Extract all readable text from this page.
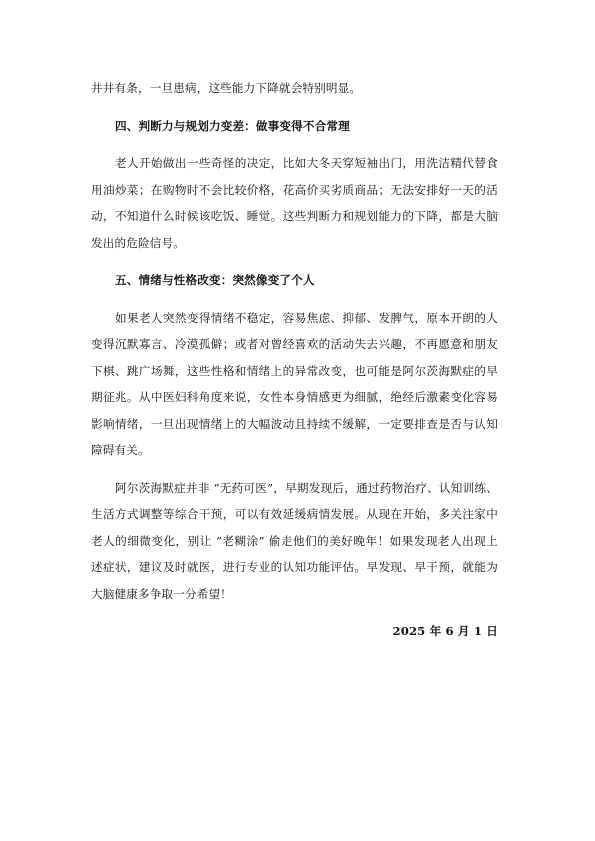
井井有条，一旦患病，这些能力下降就会特别明显。

四、判断力与规划力变差：做事变得不合常理

老人开始做出一些奇怪的决定，比如大冬天穿短袖出门，用洗洁精代替食用油炒菜；在购物时不会比较价格，花高价买劣质商品；无法安排好一天的活动，不知道什么时候该吃饭、睡觉。这些判断力和规划能力的下降，都是大脑发出的危险信号。

五、情绪与性格改变：突然像变了个人

如果老人突然变得情绪不稳定，容易焦虑、抑郁、发脾气，原本开朗的人变得沉默寡言、冷漠孤僻；或者对曾经喜欢的活动失去兴趣，不再愿意和朋友下棋、跳广场舞，这些性格和情绪上的异常改变，也可能是阿尔茨海默症的早期征兆。从中医妇科角度来说，女性本身情感更为细腻，绝经后激素变化容易影响情绪，一旦出现情绪上的大幅波动且持续不缓解，一定要排查是否与认知障碍有关。

阿尔茨海默症并非 “无药可医”，早期发现后，通过药物治疗、认知训练、生活方式调整等综合干预，可以有效延缓病情发展。从现在开始，多关注家中老人的细微变化，别让 “老糊涂” 偷走他们的美好晚年！如果发现老人出现上述症状，建议及时就医，进行专业的认知功能评估。早发现、早干预，就能为大脑健康多争取一分希望！

2025 年 6 月 1 日
